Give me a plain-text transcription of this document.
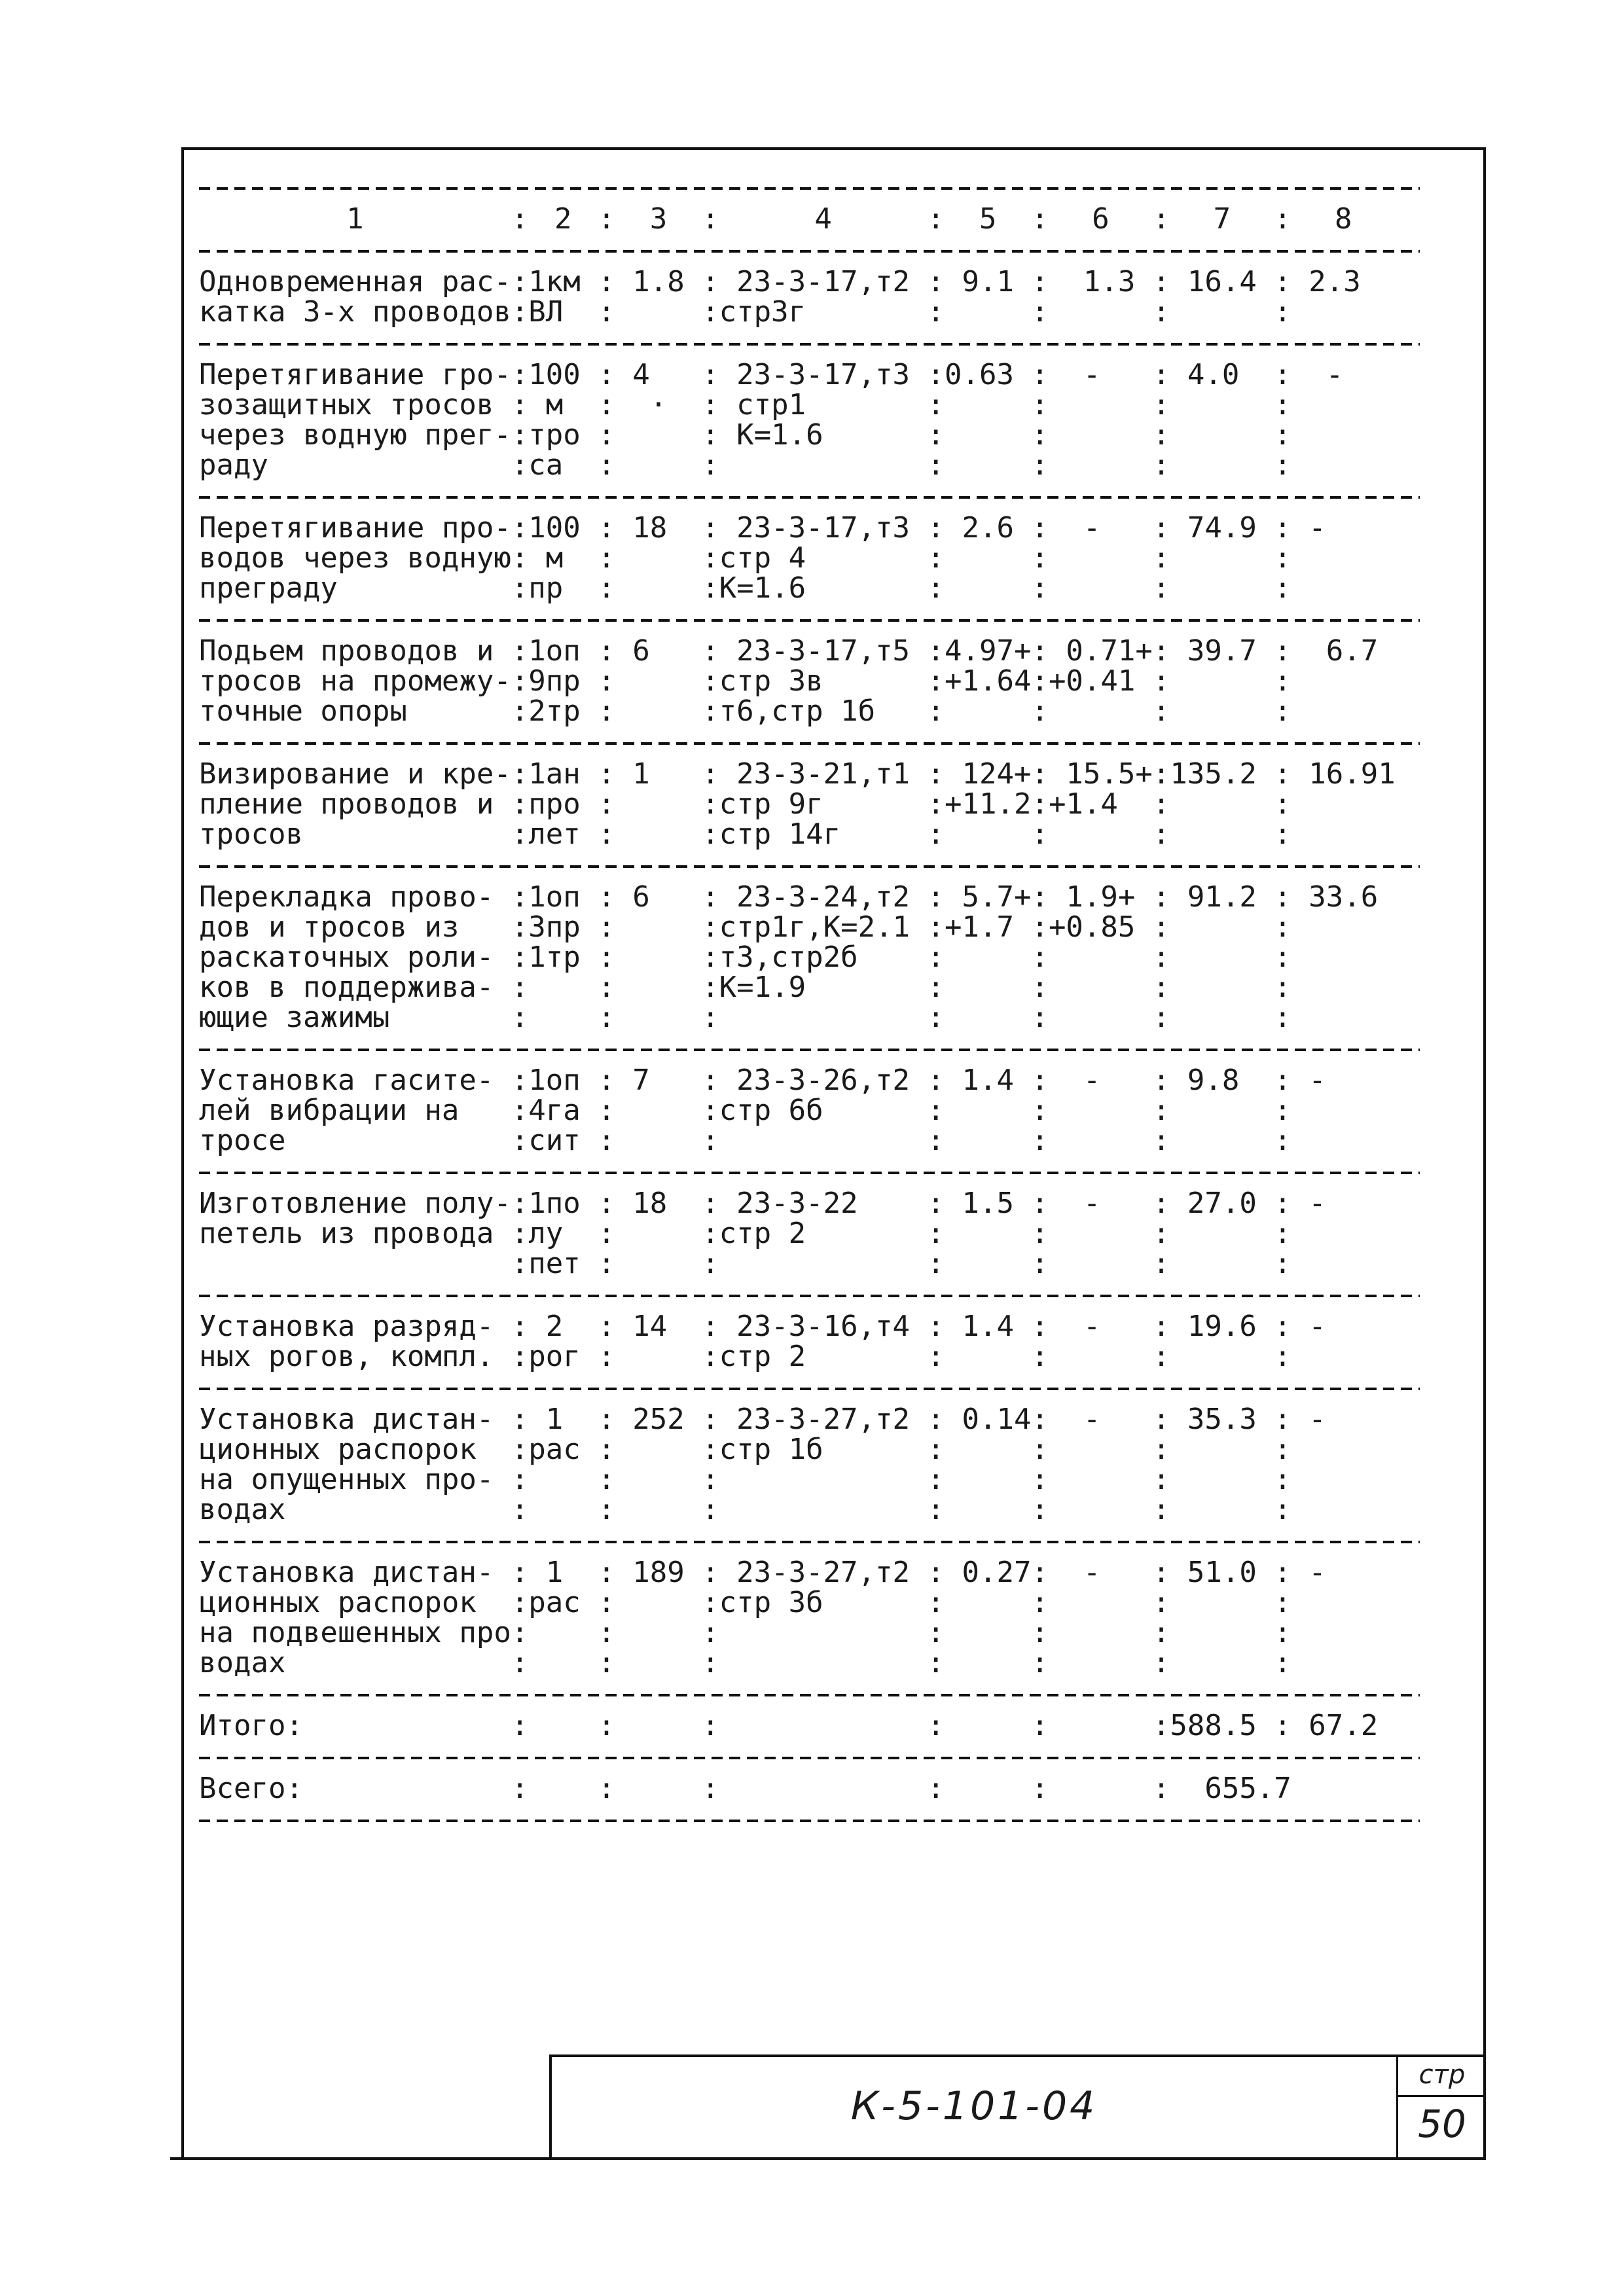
1	: 2 :	3	:	4	:	5	:	6	:	7	:	8
Одновременная рас- : 1км : 1.8 : 23-3-17,т2 : 9.1 : 1.3 : 16.4 : 2.3
катка 3-х проводов : ВЛ :	: стр3г	:	:	:	:
Перетягивание гро- : 100 : 4 : 23-3-17,т3 : 0.63 : - : 4.0 : -
зозащитных тросов : м : · : стр1	:	:	:	:
через водную прег- : тро :	: К=1.6	:	:	:	:
раду	: са :	:	:	:	:	:
Перетягивание про- : 100 : 18 : 23-3-17,т3 : 2.6 : - : 74.9 : -
водов через водную : м :	: стр 4	:	:	:	:
преграду	: пр :	: К=1.6	:	:	:	:
Подьем проводов и : 1оп : 6 : 23-3-17,т5 : 4.97+ : 0.71+ : 39.7 : 6.7
тросов на промежу- : 9пр :	: стр 3в	: +1.64 : +0.41 :	:
точные опоры	: 2тр :	: т6,стр 1б	:	:	:	:
Визирование и кре- : 1ан : 1 : 23-3-21,т1 : 124+ : 15.5+ : 135.2 : 16.91
пление проводов и : про :	: стр 9г	: +11.2 : +1.4	:	:
тросов	: лет :	: стр 14г	:	:	:	:
Перекладка прово- : 1оп : 6 : 23-3-24,т2 : 5.7+ : 1.9+ : 91.2 : 33.6
дов и тросов из : 3пр :	: стр1г,К=2.1 : +1.7 : +0.85 :	:
раскаточных роли- : 1тр :	: т3,стр2б	:	:	:	:
ков в поддержива- : :	: К=1.9	:	:	:	:
ющие зажимы	: :	:	:	:	:	:
Установка гасите- : 1оп : 7 : 23-3-26,т2 : 1.4 : - : 9.8 : -
лей вибрации на : 4га :	: стр 6б	:	:	:	:
тросе	: сит :	:	:	:	:	:
Изготовление полу- : 1по : 18 : 23-3-22	: 1.5 : - : 27.0 : -
петель из провода : лу :	: стр 2	:	:	:	:
: пет :	:	:	:	:	:
Установка разряд- : 2 : 14 : 23-3-16,т4 : 1.4 : - : 19.6 : -
ных рогов, компл. : рог :	: стр 2	:	:	:	:
Установка дистан- : 1 : 252 : 23-3-27,т2 : 0.14 : - : 35.3 : -
ционных распорок : рас :	: стр 1б	:	:	:	:
на опущенных про- : :	:	:	:	:	:
водах	: :	:	:	:	:	:
Установка дистан- : 1 : 189 : 23-3-27,т2 : 0.27 : - : 51.0 : -
ционных распорок : рас :	: стр 3б	:	:	:	:
на подвешенных про : :	:	:	:	:	:
водах	: :	:	:	:	:	:
Итого:	: :	:	:	:	: 588.5 : 67.2
Всего:	: :	:	:	:	: 655.7
К-5-101-04
стр
50
